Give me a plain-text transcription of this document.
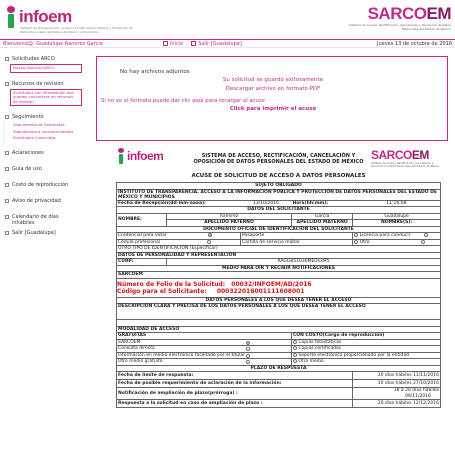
infoem
Instituto de Transparencia, Acceso a la Información Pública y Protección de Datos Personales del Estado de México y Municipios
SARCOEM
Sistema de Acceso, Rectificación, Cancelación y Oposición de Datos Personales del Estado de México
Bienvenid@: Guadalupe Ramírez García	Inicio	Salir [Guadalupe]	Jueves 13 de octubre de 2016
Solicitudes ARCO
Nueva Solicitud ARCO
Recursos de revisión
Solicitudes con información que pueden convertirse en recursos de revisión
Seguimiento
Seguimiento de Solicitudes
Seguimiento a inconformidades
Solicitudes Concluidas
Aclaraciones
Guía de uso
Costo de reproducción
Aviso de privacidad
Calendario de días inhábiles
Salir [Guadalupe]
No hay archivos adjuntos
Su solicitud se guardó exitosamente
Descargar archivo en formato PDF
Si no ve el formato puede dar clic aquí para recargar el acuse
Click para imprimir el acuse
infoem	SISTEMA DE ACCESO, RECTIFICACIÓN, CANCELACIÓN Y OPOSICIÓN DE DATOS PERSONALES DEL ESTADO DE MÉXICO SARCOEM
Sistema de Acceso, Rectificación, Cancelación y Oposición de Datos Personales del Estado de México
ACUSE DE SOLICITUD DE ACCESO A DATOS PERSONALES
SUJETO OBLIGADO				
INSTITUTO DE TRANSPARENCIA, ACCESO A LA INFORMACIÓN PÚBLICA Y PROTECCIÓN DE DATOS PERSONALES DEL ESTADO DE MÉXICO Y MUNICIPIOS				
Fecha de Recepción(dd-mm-aaaa):		13/10/2016	Hora(hh:mm):	11:16:08
DATOS DEL SOLICITANTE				
NOMBRE:	Ramírez		García	Guadalupe
	APELLIDO PATERNO		APELLIDO MATERNO	NOMBRE(S):
DOCUMENTO OFICIAL DE IDENTIFICACIÓN DEL SOLICITANTE				
Credencial para votar		Pasaporte		Licencia para conducir
Cédula profesional		Cartilla de servicio militar		Otro
OTRO TIPO DE IDENTIFICACIÓN (Especificar)				
DATOS DE PERSONALIDAD Y REPRESENTACIÓN				
CURP:	RAGG851030MEDsxM5			
MEDIO PARA OÍR Y RECIBIR NOTIFICACIONES				
SARCOEM				

Número de Folio de la Solicitud: 00032/INFOEM/AD/2016
Código para el Solicitante: 000322016001111608001				

DATOS PERSONALES A LOS QUE DESEA TENER EL ACCESO				
DESCRIPCIÓN CLARA Y PRECISA DE LOS DATOS PERSONALES A LOS QUE DESEA TENER EL ACCESO				

MODALIDAD DE ACCESO				
GRATUITAS			CON COSTO(Cargo de reproducción)	
SARCOEM			Copias fotostáticas	
Consulta directa			Copias certificadas	
Información en medio electrónico facilitado por el titular			Soporte electrónico proporcionado por la entidad	
Otro medio gratuito			Otro medio	
PLAZO DE RESPUESTA				
Fecha de límite de respuesta:				20 días hábiles 11/11/2016
Fecha de posible requerimiento de aclaración de la información:				10 días hábiles 27/10/2016
Notificación de ampliación de plazo(prórroga) :				18 a 20 días hábiles
09/11/2016

Respuesta a la solicitud en caso de ampliación de plazo :				20 días hábiles 12/12/2016
